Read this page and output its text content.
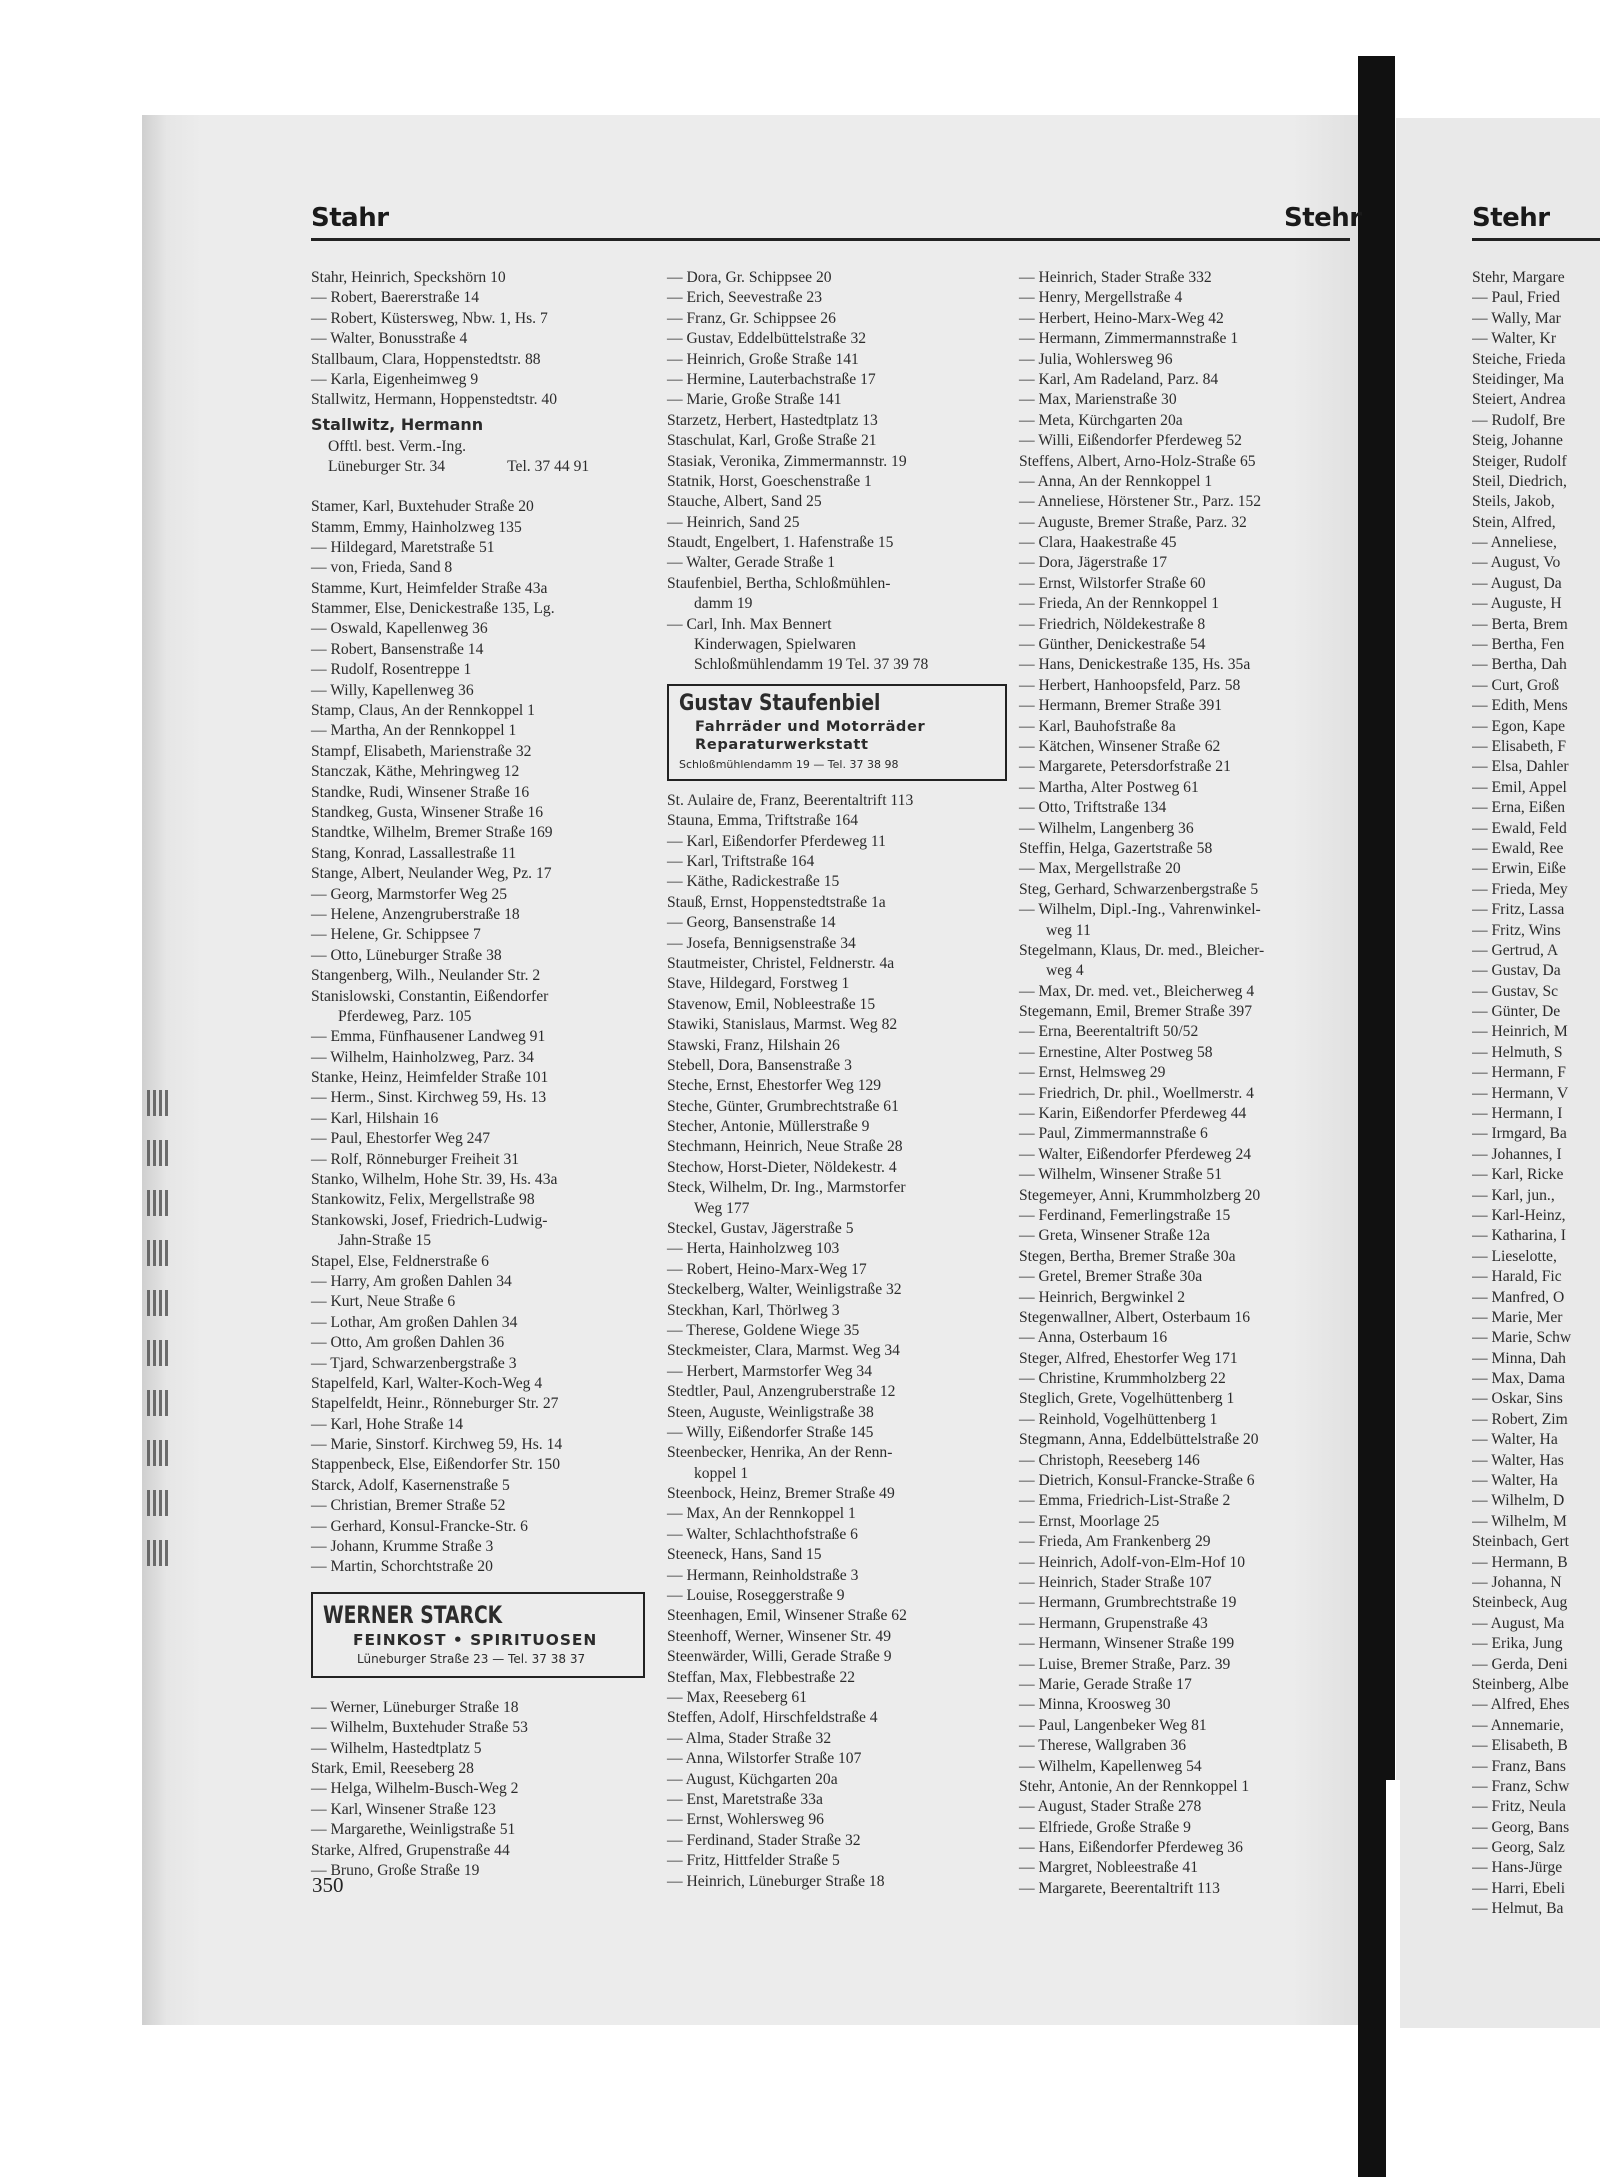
Stahr	Stehr	Stehr
Stahr, Heinrich, Speckshörn 10
— Robert, Baererstraße 14
— Robert, Küstersweg, Nbw. 1, Hs. 7
— Walter, Bonusstraße 4
Stallbaum, Clara, Hoppenstedtstr. 88
— Karla, Eigenheimweg 9
Stallwitz, Hermann, Hoppenstedtstr. 40
Stallwitz, Hermann
Offtl. best. Verm.-Ing.
Lüneburger Str. 34	Tel. 37 44 91
Stamer, Karl, Buxtehuder Straße 20
Stamm, Emmy, Hainholzweg 135
— Hildegard, Maretstraße 51
— von, Frieda, Sand 8
Stamme, Kurt, Heimfelder Straße 43a
Stammer, Else, Denickestraße 135, Lg.
— Oswald, Kapellenweg 36
— Robert, Bansenstraße 14
— Rudolf, Rosentreppe 1
— Willy, Kapellenweg 36
Stamp, Claus, An der Rennkoppel 1
— Martha, An der Rennkoppel 1
Stampf, Elisabeth, Marienstraße 32
Stanczak, Käthe, Mehringweg 12
Standke, Rudi, Winsener Straße 16
Standkeg, Gusta, Winsener Straße 16
Standtke, Wilhelm, Bremer Straße 169
Stang, Konrad, Lassallestraße 11
Stange, Albert, Neulander Weg, Pz. 17
— Georg, Marmstorfer Weg 25
— Helene, Anzengruberstraße 18
— Helene, Gr. Schippsee 7
— Otto, Lüneburger Straße 38
Stangenberg, Wilh., Neulander Str. 2
Stanislowski, Constantin, Eißendorfer
Pferdeweg, Parz. 105
— Emma, Fünfhausener Landweg 91
— Wilhelm, Hainholzweg, Parz. 34
Stanke, Heinz, Heimfelder Straße 101
— Herm., Sinst. Kirchweg 59, Hs. 13
— Karl, Hilshain 16
— Paul, Ehestorfer Weg 247
— Rolf, Rönneburger Freiheit 31
Stanko, Wilhelm, Hohe Str. 39, Hs. 43a
Stankowitz, Felix, Mergellstraße 98
Stankowski, Josef, Friedrich-Ludwig-
Jahn-Straße 15
Stapel, Else, Feldnerstraße 6
— Harry, Am großen Dahlen 34
— Kurt, Neue Straße 6
— Lothar, Am großen Dahlen 34
— Otto, Am großen Dahlen 36
— Tjard, Schwarzenbergstraße 3
Stapelfeld, Karl, Walter-Koch-Weg 4
Stapelfeldt, Heinr., Rönneburger Str. 27
— Karl, Hohe Straße 14
— Marie, Sinstorf. Kirchweg 59, Hs. 14
Stappenbeck, Else, Eißendorfer Str. 150
Starck, Adolf, Kasernenstraße 5
— Christian, Bremer Straße 52
— Gerhard, Konsul-Francke-Str. 6
— Johann, Krumme Straße 3
— Martin, Schorchtstraße 20
WERNER STARCK
FEINKOST • SPIRITUOSEN
Lüneburger Straße 23 — Tel. 37 38 37
— Werner, Lüneburger Straße 18
— Wilhelm, Buxtehuder Straße 53
— Wilhelm, Hastedtplatz 5
Stark, Emil, Reeseberg 28
— Helga, Wilhelm-Busch-Weg 2
— Karl, Winsener Straße 123
— Margarethe, Weinligstraße 51
Starke, Alfred, Grupenstraße 44
— Bruno, Große Straße 19
— Dora, Gr. Schippsee 20
— Erich, Seevestraße 23
— Franz, Gr. Schippsee 26
— Gustav, Eddelbüttelstraße 32
— Heinrich, Große Straße 141
— Hermine, Lauterbachstraße 17
— Marie, Große Straße 141
Starzetz, Herbert, Hastedtplatz 13
Staschulat, Karl, Große Straße 21
Stasiak, Veronika, Zimmermannstr. 19
Statnik, Horst, Goeschenstraße 1
Stauche, Albert, Sand 25
— Heinrich, Sand 25
Staudt, Engelbert, 1. Hafenstraße 15
— Walter, Gerade Straße 1
Staufenbiel, Bertha, Schloßmühlen-
damm 19
— Carl, Inh. Max Bennert
Kinderwagen, Spielwaren
Schloßmühlendamm 19 Tel. 37 39 78
Gustav Staufenbiel
Fahrräder und Motorräder
Reparaturwerkstatt
Schloßmühlendamm 19 — Tel. 37 38 98
St. Aulaire de, Franz, Beerentaltrift 113
Stauna, Emma, Triftstraße 164
— Karl, Eißendorfer Pferdeweg 11
— Karl, Triftstraße 164
— Käthe, Radickestraße 15
Stauß, Ernst, Hoppenstedtstraße 1a
— Georg, Bansenstraße 14
— Josefa, Bennigsenstraße 34
Stautmeister, Christel, Feldnerstr. 4a
Stave, Hildegard, Forstweg 1
Stavenow, Emil, Nobleestraße 15
Stawiki, Stanislaus, Marmst. Weg 82
Stawski, Franz, Hilshain 26
Stebell, Dora, Bansenstraße 3
Steche, Ernst, Ehestorfer Weg 129
Steche, Günter, Grumbrechtstraße 61
Stecher, Antonie, Müllerstraße 9
Stechmann, Heinrich, Neue Straße 28
Stechow, Horst-Dieter, Nöldekestr. 4
Steck, Wilhelm, Dr. Ing., Marmstorfer
Weg 177
Steckel, Gustav, Jägerstraße 5
— Herta, Hainholzweg 103
— Robert, Heino-Marx-Weg 17
Steckelberg, Walter, Weinligstraße 32
Steckhan, Karl, Thörlweg 3
— Therese, Goldene Wiege 35
Steckmeister, Clara, Marmst. Weg 34
— Herbert, Marmstorfer Weg 34
Stedtler, Paul, Anzengruberstraße 12
Steen, Auguste, Weinligstraße 38
— Willy, Eißendorfer Straße 145
Steenbecker, Henrika, An der Renn-
koppel 1
Steenbock, Heinz, Bremer Straße 49
— Max, An der Rennkoppel 1
— Walter, Schlachthofstraße 6
Steeneck, Hans, Sand 15
— Hermann, Reinholdstraße 3
— Louise, Roseggerstraße 9
Steenhagen, Emil, Winsener Straße 62
Steenhoff, Werner, Winsener Str. 49
Steenwärder, Willi, Gerade Straße 9
Steffan, Max, Flebbestraße 22
— Max, Reeseberg 61
Steffen, Adolf, Hirschfeldstraße 4
— Alma, Stader Straße 32
— Anna, Wilstorfer Straße 107
— August, Küchgarten 20a
— Enst, Maretstraße 33a
— Ernst, Wohlersweg 96
— Ferdinand, Stader Straße 32
— Fritz, Hittfelder Straße 5
— Heinrich, Lüneburger Straße 18
— Heinrich, Stader Straße 332
— Henry, Mergellstraße 4
— Herbert, Heino-Marx-Weg 42
— Hermann, Zimmermannstraße 1
— Julia, Wohlersweg 96
— Karl, Am Radeland, Parz. 84
— Max, Marienstraße 30
— Meta, Kürchgarten 20a
— Willi, Eißendorfer Pferdeweg 52
Steffens, Albert, Arno-Holz-Straße 65
— Anna, An der Rennkoppel 1
— Anneliese, Hörstener Str., Parz. 152
— Auguste, Bremer Straße, Parz. 32
— Clara, Haakestraße 45
— Dora, Jägerstraße 17
— Ernst, Wilstorfer Straße 60
— Frieda, An der Rennkoppel 1
— Friedrich, Nöldekestraße 8
— Günther, Denickestraße 54
— Hans, Denickestraße 135, Hs. 35a
— Herbert, Hanhoopsfeld, Parz. 58
— Hermann, Bremer Straße 391
— Karl, Bauhofstraße 8a
— Kätchen, Winsener Straße 62
— Margarete, Petersdorfstraße 21
— Martha, Alter Postweg 61
— Otto, Triftstraße 134
— Wilhelm, Langenberg 36
Steffin, Helga, Gazertstraße 58
— Max, Mergellstraße 20
Steg, Gerhard, Schwarzenbergstraße 5
— Wilhelm, Dipl.-Ing., Vahrenwinkel-
weg 11
Stegelmann, Klaus, Dr. med., Bleicher-
weg 4
— Max, Dr. med. vet., Bleicherweg 4
Stegemann, Emil, Bremer Straße 397
— Erna, Beerentaltrift 50/52
— Ernestine, Alter Postweg 58
— Ernst, Helmsweg 29
— Friedrich, Dr. phil., Woellmerstr. 4
— Karin, Eißendorfer Pferdeweg 44
— Paul, Zimmermannstraße 6
— Walter, Eißendorfer Pferdeweg 24
— Wilhelm, Winsener Straße 51
Stegemeyer, Anni, Krummholzberg 20
— Ferdinand, Femerlingstraße 15
— Greta, Winsener Straße 12a
Stegen, Bertha, Bremer Straße 30a
— Gretel, Bremer Straße 30a
— Heinrich, Bergwinkel 2
Stegenwallner, Albert, Osterbaum 16
— Anna, Osterbaum 16
Steger, Alfred, Ehestorfer Weg 171
— Christine, Krummholzberg 22
Steglich, Grete, Vogelhüttenberg 1
— Reinhold, Vogelhüttenberg 1
Stegmann, Anna, Eddelbüttelstraße 20
— Christoph, Reeseberg 146
— Dietrich, Konsul-Francke-Straße 6
— Emma, Friedrich-List-Straße 2
— Ernst, Moorlage 25
— Frieda, Am Frankenberg 29
— Heinrich, Adolf-von-Elm-Hof 10
— Heinrich, Stader Straße 107
— Hermann, Grumbrechtstraße 19
— Hermann, Grupenstraße 43
— Hermann, Winsener Straße 199
— Luise, Bremer Straße, Parz. 39
— Marie, Gerade Straße 17
— Minna, Kroosweg 30
— Paul, Langenbeker Weg 81
— Therese, Wallgraben 36
— Wilhelm, Kapellenweg 54
Stehr, Antonie, An der Rennkoppel 1
— August, Stader Straße 278
— Elfriede, Große Straße 9
— Hans, Eißendorfer Pferdeweg 36
— Margret, Nobleestraße 41
— Margarete, Beerentaltrift 113
Stehr, Margare
— Paul, Fried
— Wally, Mar
— Walter, Kr
Steiche, Frieda
Steidinger, Ma
Steiert, Andrea
— Rudolf, Bre
Steig, Johanne
Steiger, Rudolf
Steil, Diedrich,
Steils, Jakob,
Stein, Alfred,
— Anneliese,
— August, Vo
— August, Da
— Auguste, H
— Berta, Brem
— Bertha, Fen
— Bertha, Dah
— Curt, Groß
— Edith, Mens
— Egon, Kape
— Elisabeth, F
— Elsa, Dahler
— Emil, Appel
— Erna, Eißen
— Ewald, Feld
— Ewald, Ree
— Erwin, Eiße
— Frieda, Mey
— Fritz, Lassa
— Fritz, Wins
— Gertrud, A
— Gustav, Da
— Gustav, Sc
— Günter, De
— Heinrich, M
— Helmuth, S
— Hermann, F
— Hermann, V
— Hermann, I
— Irmgard, Ba
— Johannes, I
— Karl, Ricke
— Karl, jun.,
— Karl-Heinz,
— Katharina, I
— Lieselotte,
— Harald, Fic
— Manfred, O
— Marie, Mer
— Marie, Schw
— Minna, Dah
— Max, Dama
— Oskar, Sins
— Robert, Zim
— Walter, Ha
— Walter, Has
— Walter, Ha
— Wilhelm, D
— Wilhelm, M
Steinbach, Gert
— Hermann, B
— Johanna, N
Steinbeck, Aug
— August, Ma
— Erika, Jung
— Gerda, Deni
Steinberg, Albe
— Alfred, Ehes
— Annemarie,
— Elisabeth, B
— Franz, Bans
— Franz, Schw
— Fritz, Neula
— Georg, Bans
— Georg, Salz
— Hans-Jürge
— Harri, Ebeli
— Helmut, Ba
350
